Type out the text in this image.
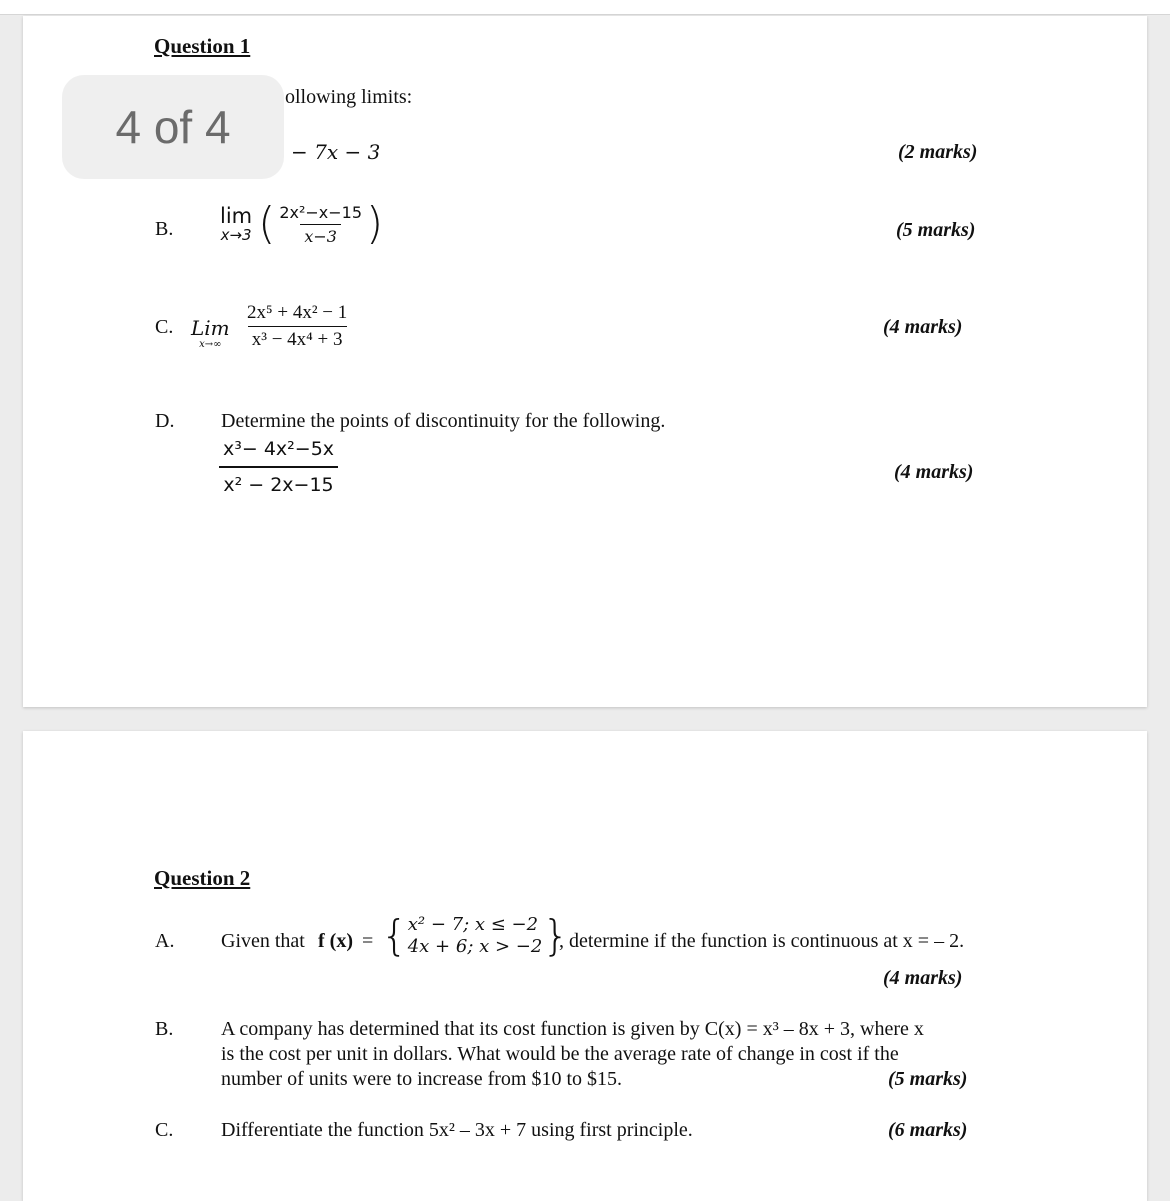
Question 1
ollowing limits:
− 7x − 3	(2 marks)
B.
lim
x→3 ( $\frac{\text{2x²−x−15}}{x-3}$ )	(5 marks)
C. Lim
$x\to\infty \frac{\text{2x⁵ + 4x² − 1}}{\text{x³ − 4x⁴ + 3}}$	(4 marks)
D. Determine the points of discontinuity for the following.
$\frac{\text{x³− 4x²−5x}}{\text{x² − 2x−15}}$	(4 marks)
Question 2
A. Given that f (x) = { x² − 7; x ≤ −2
4x + 6; x > −2 }
, determine if the function is continuous at x = – 2.
(4 marks)
B. A company has determined that its cost function is given by C(x) = x³ – 8x + 3, where x
is the cost per unit in dollars. What would be the average rate of change in cost if the
number of units were to increase from $10 to $15.	(5 marks)
C. Differentiate the function 5x² – 3x + 7 using first principle.	(6 marks)
4 of 4
